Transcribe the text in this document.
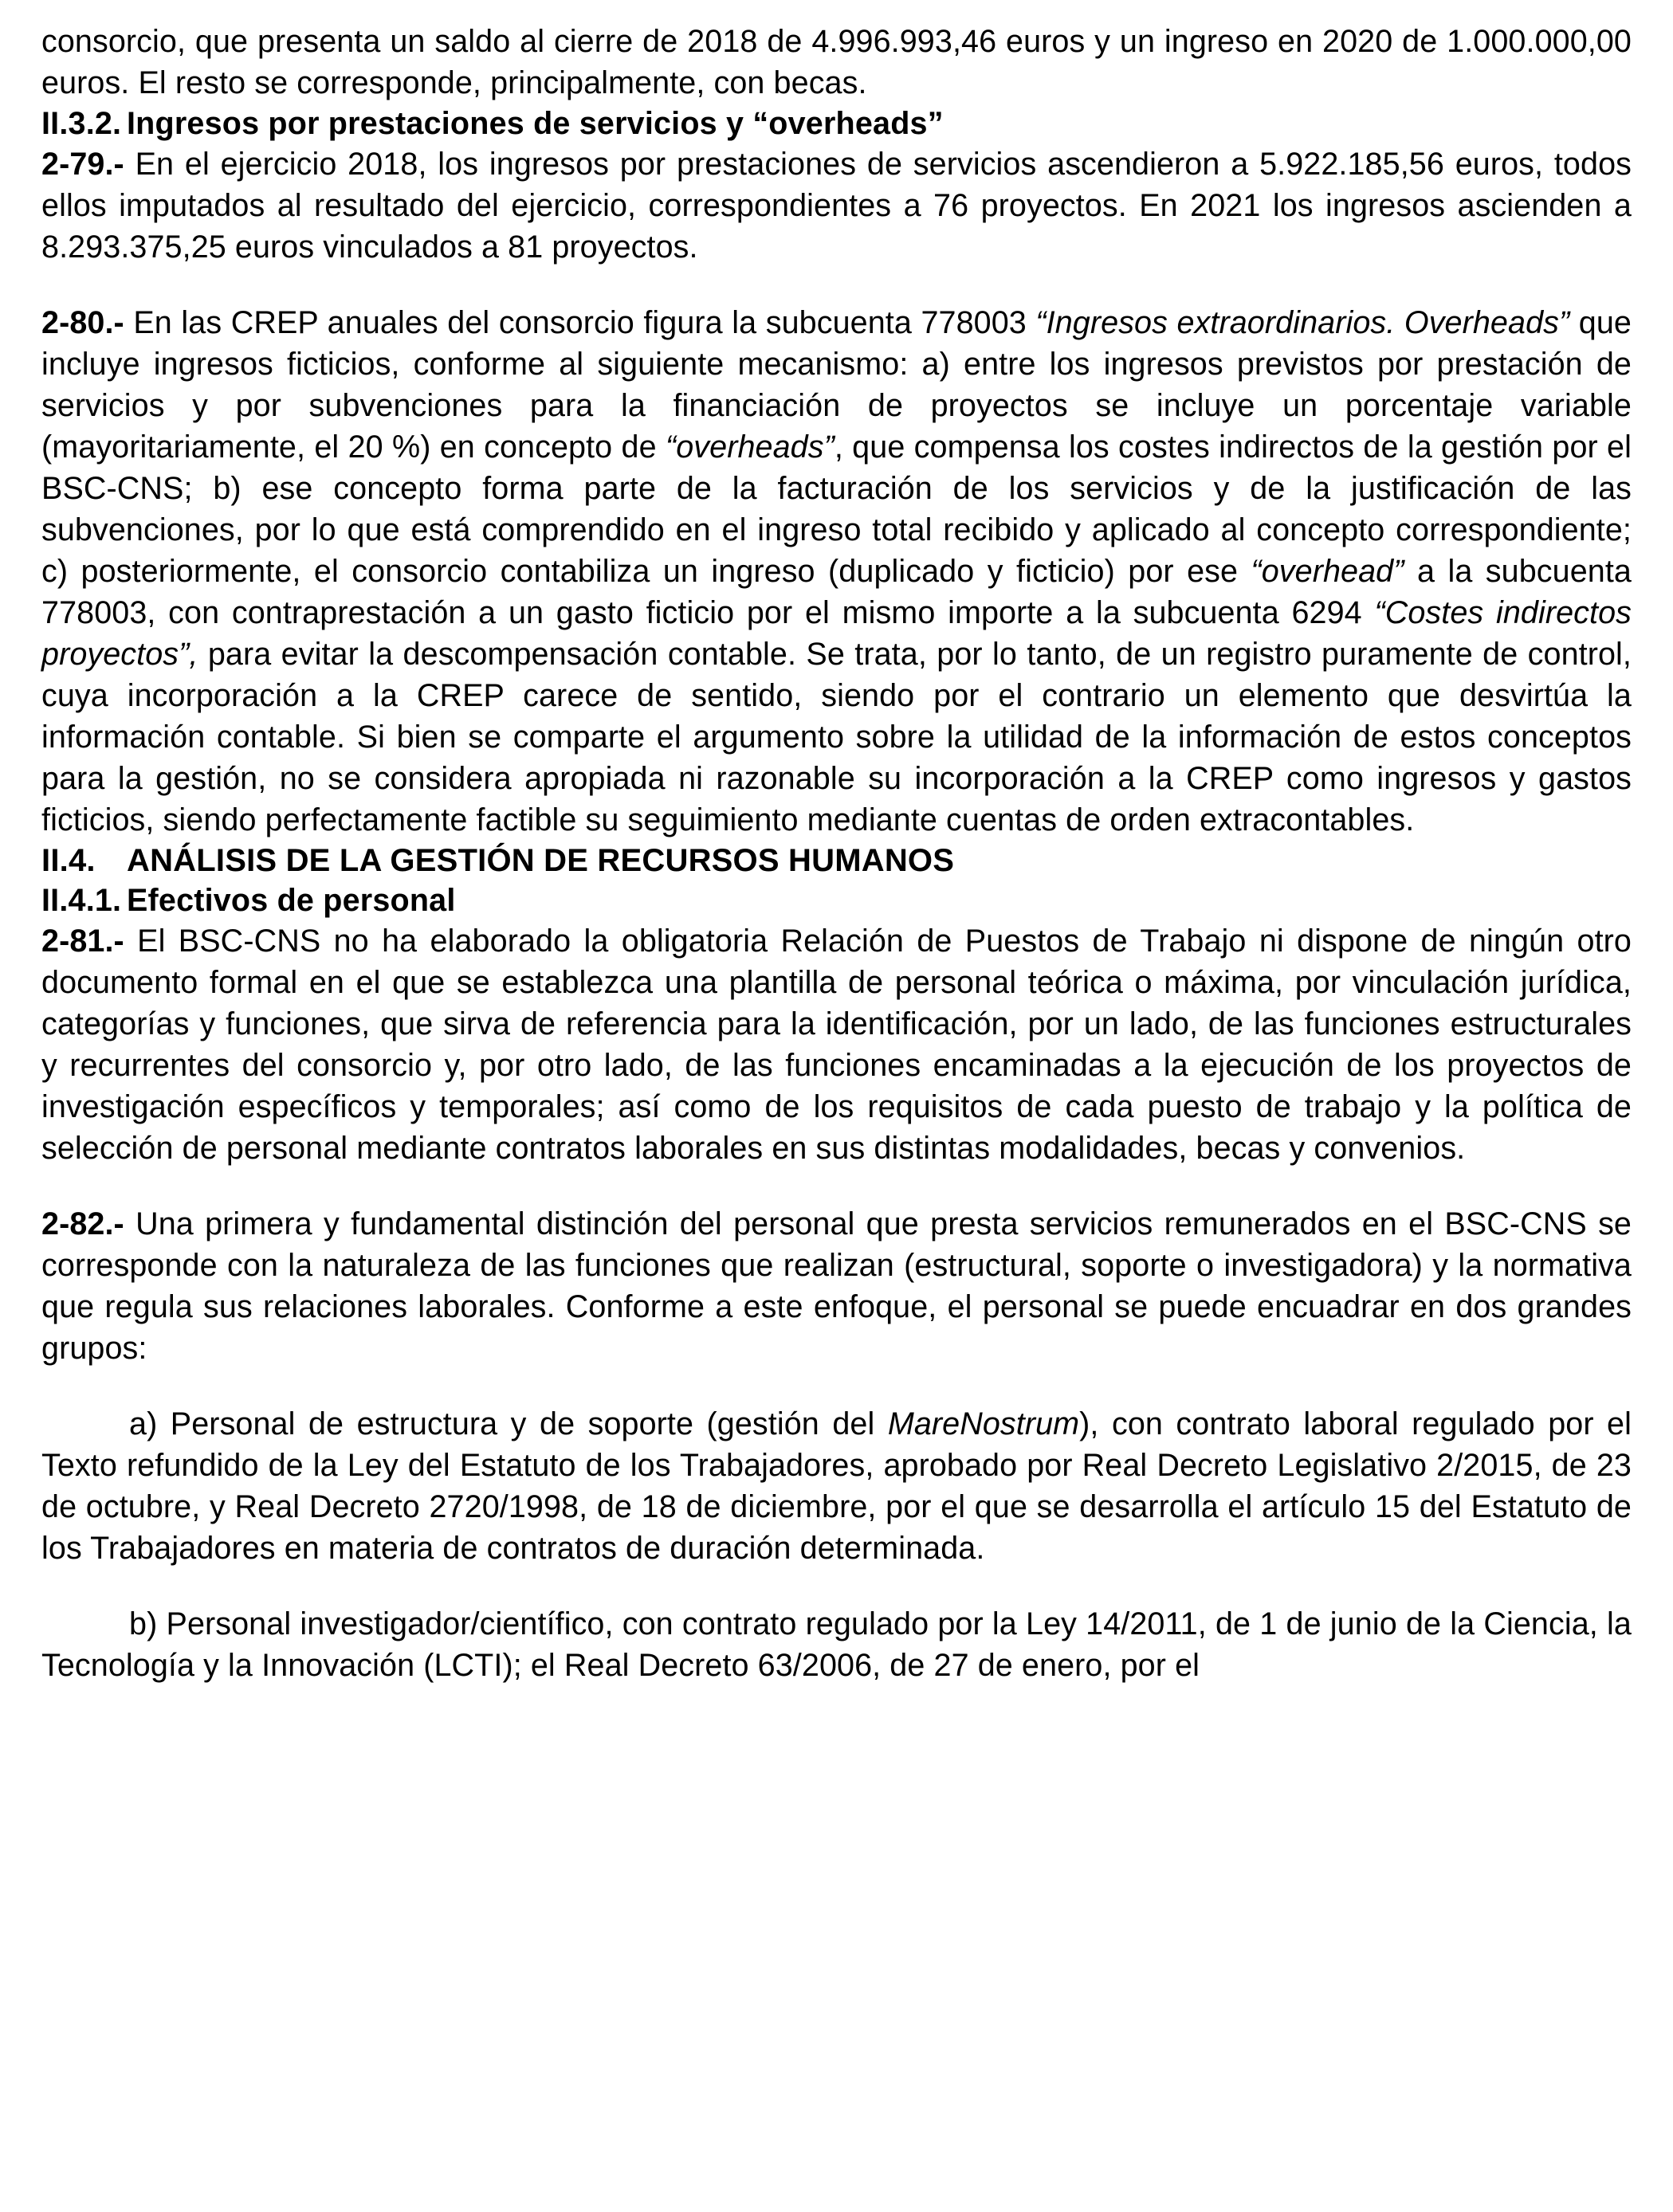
consorcio, que presenta un saldo al cierre de 2018 de 4.996.993,46 euros y un ingreso en 2020 de 1.000.000,00 euros. El resto se corresponde, principalmente, con becas.

II.3.2. Ingresos por prestaciones de servicios y “overheads”

2-79.- En el ejercicio 2018, los ingresos por prestaciones de servicios ascendieron a 5.922.185,56 euros, todos ellos imputados al resultado del ejercicio, correspondientes a 76 proyectos. En 2021 los ingresos ascienden a 8.293.375,25 euros vinculados a 81 proyectos.

2-80.- En las CREP anuales del consorcio figura la subcuenta 778003 “Ingresos extraordinarios. Overheads” que incluye ingresos ficticios, conforme al siguiente mecanismo: a) entre los ingresos previstos por prestación de servicios y por subvenciones para la financiación de proyectos se incluye un porcentaje variable (mayoritariamente, el 20 %) en concepto de “overheads”, que compensa los costes indirectos de la gestión por el BSC-CNS; b) ese concepto forma parte de la facturación de los servicios y de la justificación de las subvenciones, por lo que está comprendido en el ingreso total recibido y aplicado al concepto correspondiente; c) posteriormente, el consorcio contabiliza un ingreso (duplicado y ficticio) por ese “overhead” a la subcuenta 778003, con contraprestación a un gasto ficticio por el mismo importe a la subcuenta 6294 “Costes indirectos proyectos”, para evitar la descompensación contable. Se trata, por lo tanto, de un registro puramente de control, cuya incorporación a la CREP carece de sentido, siendo por el contrario un elemento que desvirtúa la información contable. Si bien se comparte el argumento sobre la utilidad de la información de estos conceptos para la gestión, no se considera apropiada ni razonable su incorporación a la CREP como ingresos y gastos ficticios, siendo perfectamente factible su seguimiento mediante cuentas de orden extracontables.

II.4. ANÁLISIS DE LA GESTIÓN DE RECURSOS HUMANOS
II.4.1. Efectivos de personal

2-81.- El BSC-CNS no ha elaborado la obligatoria Relación de Puestos de Trabajo ni dispone de ningún otro documento formal en el que se establezca una plantilla de personal teórica o máxima, por vinculación jurídica, categorías y funciones, que sirva de referencia para la identificación, por un lado, de las funciones estructurales y recurrentes del consorcio y, por otro lado, de las funciones encaminadas a la ejecución de los proyectos de investigación específicos y temporales; así como de los requisitos de cada puesto de trabajo y la política de selección de personal mediante contratos laborales en sus distintas modalidades, becas y convenios.

2-82.- Una primera y fundamental distinción del personal que presta servicios remunerados en el BSC-CNS se corresponde con la naturaleza de las funciones que realizan (estructural, soporte o investigadora) y la normativa que regula sus relaciones laborales. Conforme a este enfoque, el personal se puede encuadrar en dos grandes grupos:

a) Personal de estructura y de soporte (gestión del MareNostrum), con contrato laboral regulado por el Texto refundido de la Ley del Estatuto de los Trabajadores, aprobado por Real Decreto Legislativo 2/2015, de 23 de octubre, y Real Decreto 2720/1998, de 18 de diciembre, por el que se desarrolla el artículo 15 del Estatuto de los Trabajadores en materia de contratos de duración determinada.

b) Personal investigador/científico, con contrato regulado por la Ley 14/2011, de 1 de junio de la Ciencia, la Tecnología y la Innovación (LCTI); el Real Decreto 63/2006, de 27 de enero, por el
